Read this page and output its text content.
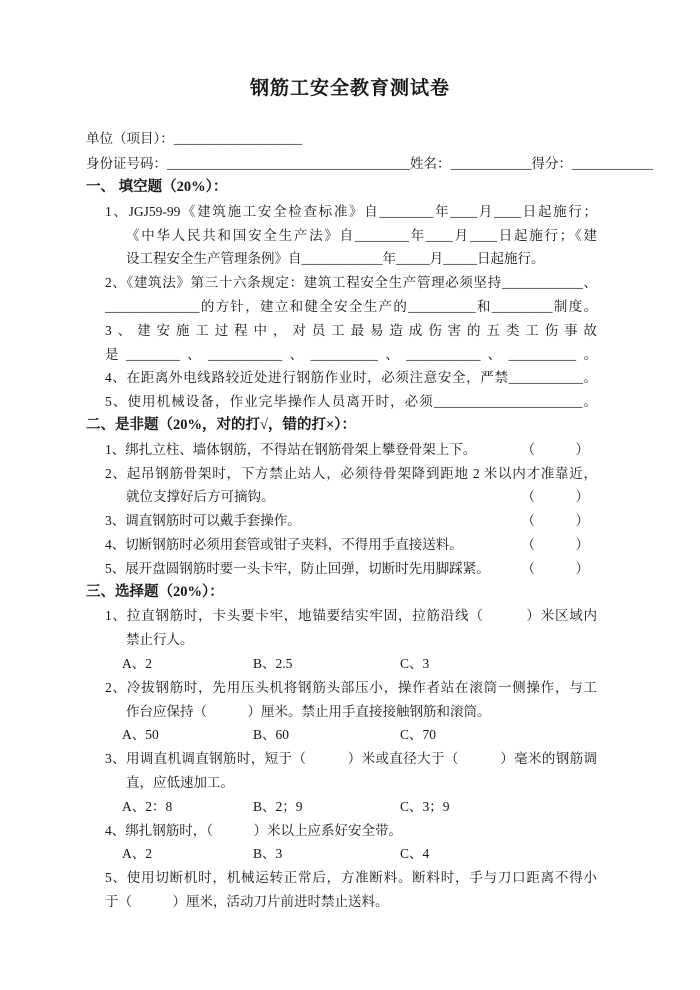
钢筋工安全教育测试卷
单位（项目）：___________________
身份证号码：____________________________________姓名：____________得分：____________
一、 填空题（20%）：
1、JGJ59-99《建筑施工安全检查标准》自________年____月____日起施行；
《中华人民共和国安全生产法》自________年____月____日起施行；《建
设工程安全生产管理条例》自____________年_____月_____日起施行。
2、《建筑法》第三十六条规定：建筑工程安全生产管理必须坚持____________、
______________的方针，建立和健全安全生产的__________和_________制度。
3、建安施工过程中，对员工最易造成伤害的五类工伤事故
是________、___________、__________、___________、__________。
4、在距离外电线路较近处进行钢筋作业时，必须注意安全，严禁___________。
5、使用机械设备，作业完毕操作人员离开时，必须______________________。
二、是非题（20%，对的打√，错的打×）：
1、绑扎立柱、墙体钢筋，不得站在钢筋骨架上攀登骨架上下。	（　　　）
2、起吊钢筋骨架时，下方禁止站人，必须待骨架降到距地 2 米以内才准靠近，
就位支撑好后方可摘钩。	（　　　）
3、调直钢筋时可以戴手套操作。	（　　　）
4、切断钢筋时必须用套管或钳子夹料，不得用手直接送料。	（　　　）
5、展开盘圆钢筋时要一头卡牢，防止回弹，切断时先用脚踩紧。 （　　　）
三、选择题（20%）：
1、拉直钢筋时，卡头要卡牢，地锚要结实牢固，拉筋沿线（　　　）米区域内
禁止行人。
A、2	B、2.5	C、3
2、冷拔钢筋时，先用压头机将钢筋头部压小，操作者站在滚筒一侧操作，与工
作台应保持（　　　）厘米。禁止用手直接接触钢筋和滚筒。
A、50	B、60	C、70
3、用调直机调直钢筋时，短于（　　　）米或直径大于（　　　）毫米的钢筋调
直，应低速加工。
A、2：8	B、2；9	C、3；9
4、绑扎钢筋时，（　　　）米以上应系好安全带。
A、2	B、3	C、4
5、使用切断机时，机械运转正常后，方准断料。断料时，手与刀口距离不得小
于（　　　）厘米，活动刀片前进时禁止送料。
